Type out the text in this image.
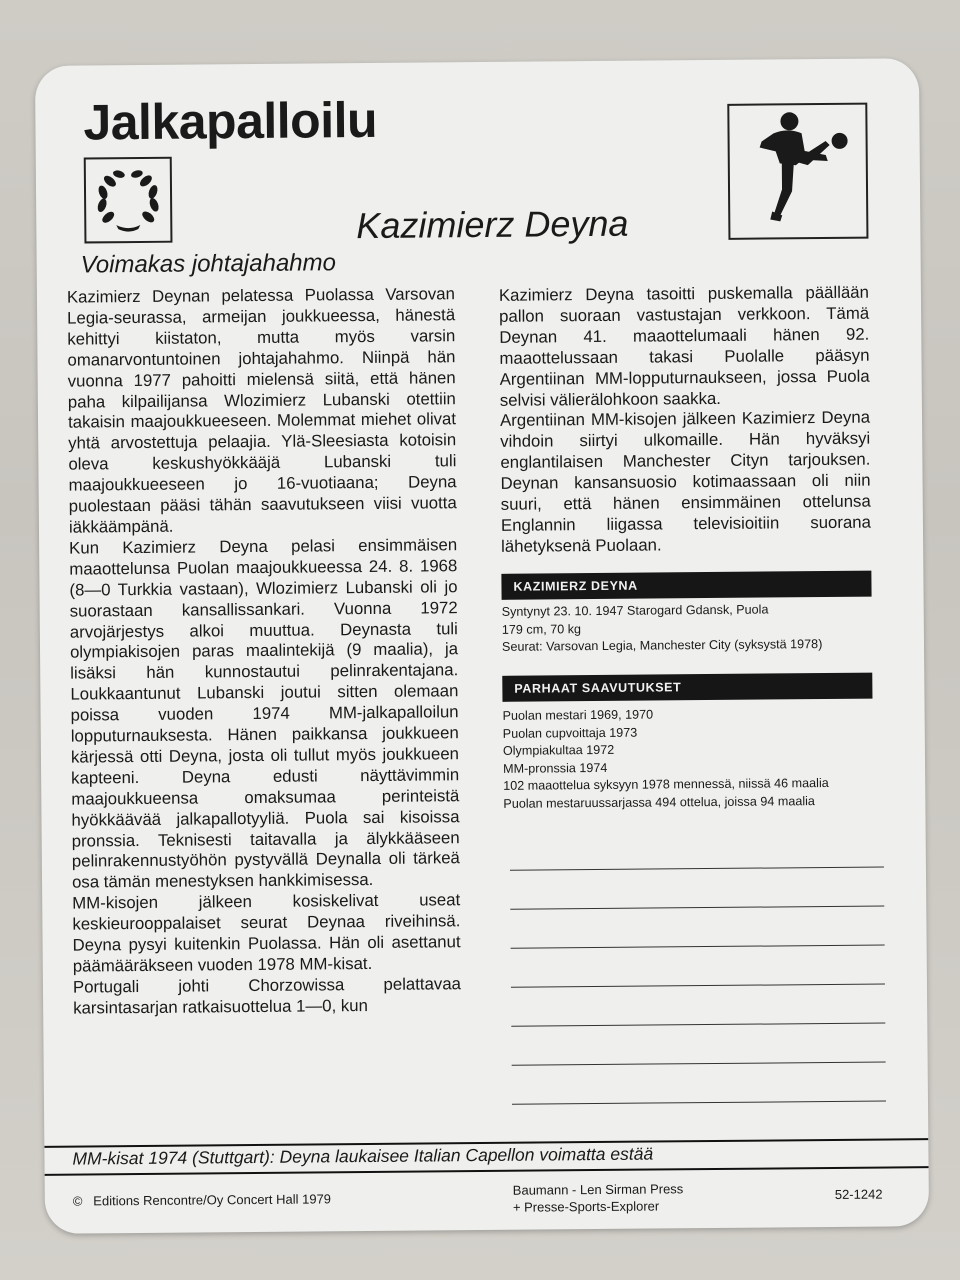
Jalkapalloilu
Kazimierz Deyna
Voimakas johtajahahmo

Kazimierz Deynan pelatessa Puolassa Varsovan Legia-seurassa, armeijan joukkueessa, hänestä kehittyi kiistaton, mutta myös varsin omanarvontuntoinen johtajahahmo. Niinpä hän vuonna 1977 pahoitti mielensä siitä, että hänen paha kilpailijansa Wlozimierz Lubanski otettiin takaisin maajoukkueeseen. Molemmat miehet olivat yhtä arvostettuja pelaajia. Ylä-Sleesiasta kotoisin oleva keskushyökkääjä Lubanski tuli maajoukkueeseen jo 16-vuotiaana; Deyna puolestaan pääsi tähän saavutukseen viisi vuotta iäkkäämpänä.

Kun Kazimierz Deyna pelasi ensimmäisen maaottelunsa Puolan maajoukkueessa 24. 8. 1968 (8—0 Turkkia vastaan), Wlozimierz Lubanski oli jo suorastaan kansallissankari. Vuonna 1972 arvojärjestys alkoi muuttua. Deynasta tuli olympiakisojen paras maalintekijä (9 maalia), ja lisäksi hän kunnostautui pelinrakentajana. Loukkaantunut Lubanski joutui sitten olemaan poissa vuoden 1974 MM-jalkapalloilun lopputurnauksesta. Hänen paikkansa joukkueen kärjessä otti Deyna, josta oli tullut myös joukkueen kapteeni. Deyna edusti näyttävimmin maajoukkueensa omaksumaa perinteistä hyökkäävää jalkapallotyyliä. Puola sai kisoissa pronssia. Teknisesti taitavalla ja älykkääseen pelinrakennustyöhön pystyvällä Deynalla oli tärkeä osa tämän menestyksen hankkimisessa.

MM-kisojen jälkeen kosiskelivat useat keskieurooppalaiset seurat Deynaa riveihinsä. Deyna pysyi kuitenkin Puolassa. Hän oli asettanut päämääräkseen vuoden 1978 MM-kisat.

Portugali johti Chorzowissa pelattavaa karsintasarjan ratkaisuottelua 1—0, kun

Kazimierz Deyna tasoitti puskemalla päällään pallon suoraan vastustajan verkkoon. Tämä Deynan 41. maaottelumaali hänen 92. maaottelussaan takasi Puolalle pääsyn Argentiinan MM-lopputurnaukseen, jossa Puola selvisi välierälohkoon saakka.

Argentiinan MM-kisojen jälkeen Kazimierz Deyna vihdoin siirtyi ulkomaille. Hän hyväksyi englantilaisen Manchester Cityn tarjouksen. Deynan kansansuosio kotimaassaan oli niin suuri, että hänen ensimmäinen ottelunsa Englannin liigassa televisioitiin suorana lähetyksenä Puolaan.

KAZIMIERZ DEYNA
Syntynyt 23. 10. 1947 Starogard Gdansk, Puola
179 cm, 70 kg
Seurat: Varsovan Legia, Manchester City (syksystä 1978)
PARHAAT SAAVUTUKSET
Puolan mestari 1969, 1970
Puolan cupvoittaja 1973
Olympiakultaa 1972
MM-pronssia 1974
102 maaottelua syksyyn 1978 mennessä, niissä 46 maalia
Puolan mestaruussarjassa 494 ottelua, joissa 94 maalia
MM-kisat 1974 (Stuttgart): Deyna laukaisee Italian Capellon voimatta estää
© Editions Rencontre/Oy Concert Hall 1979
Baumann - Len Sirman Press
+ Presse-Sports-Explorer
52-1242
